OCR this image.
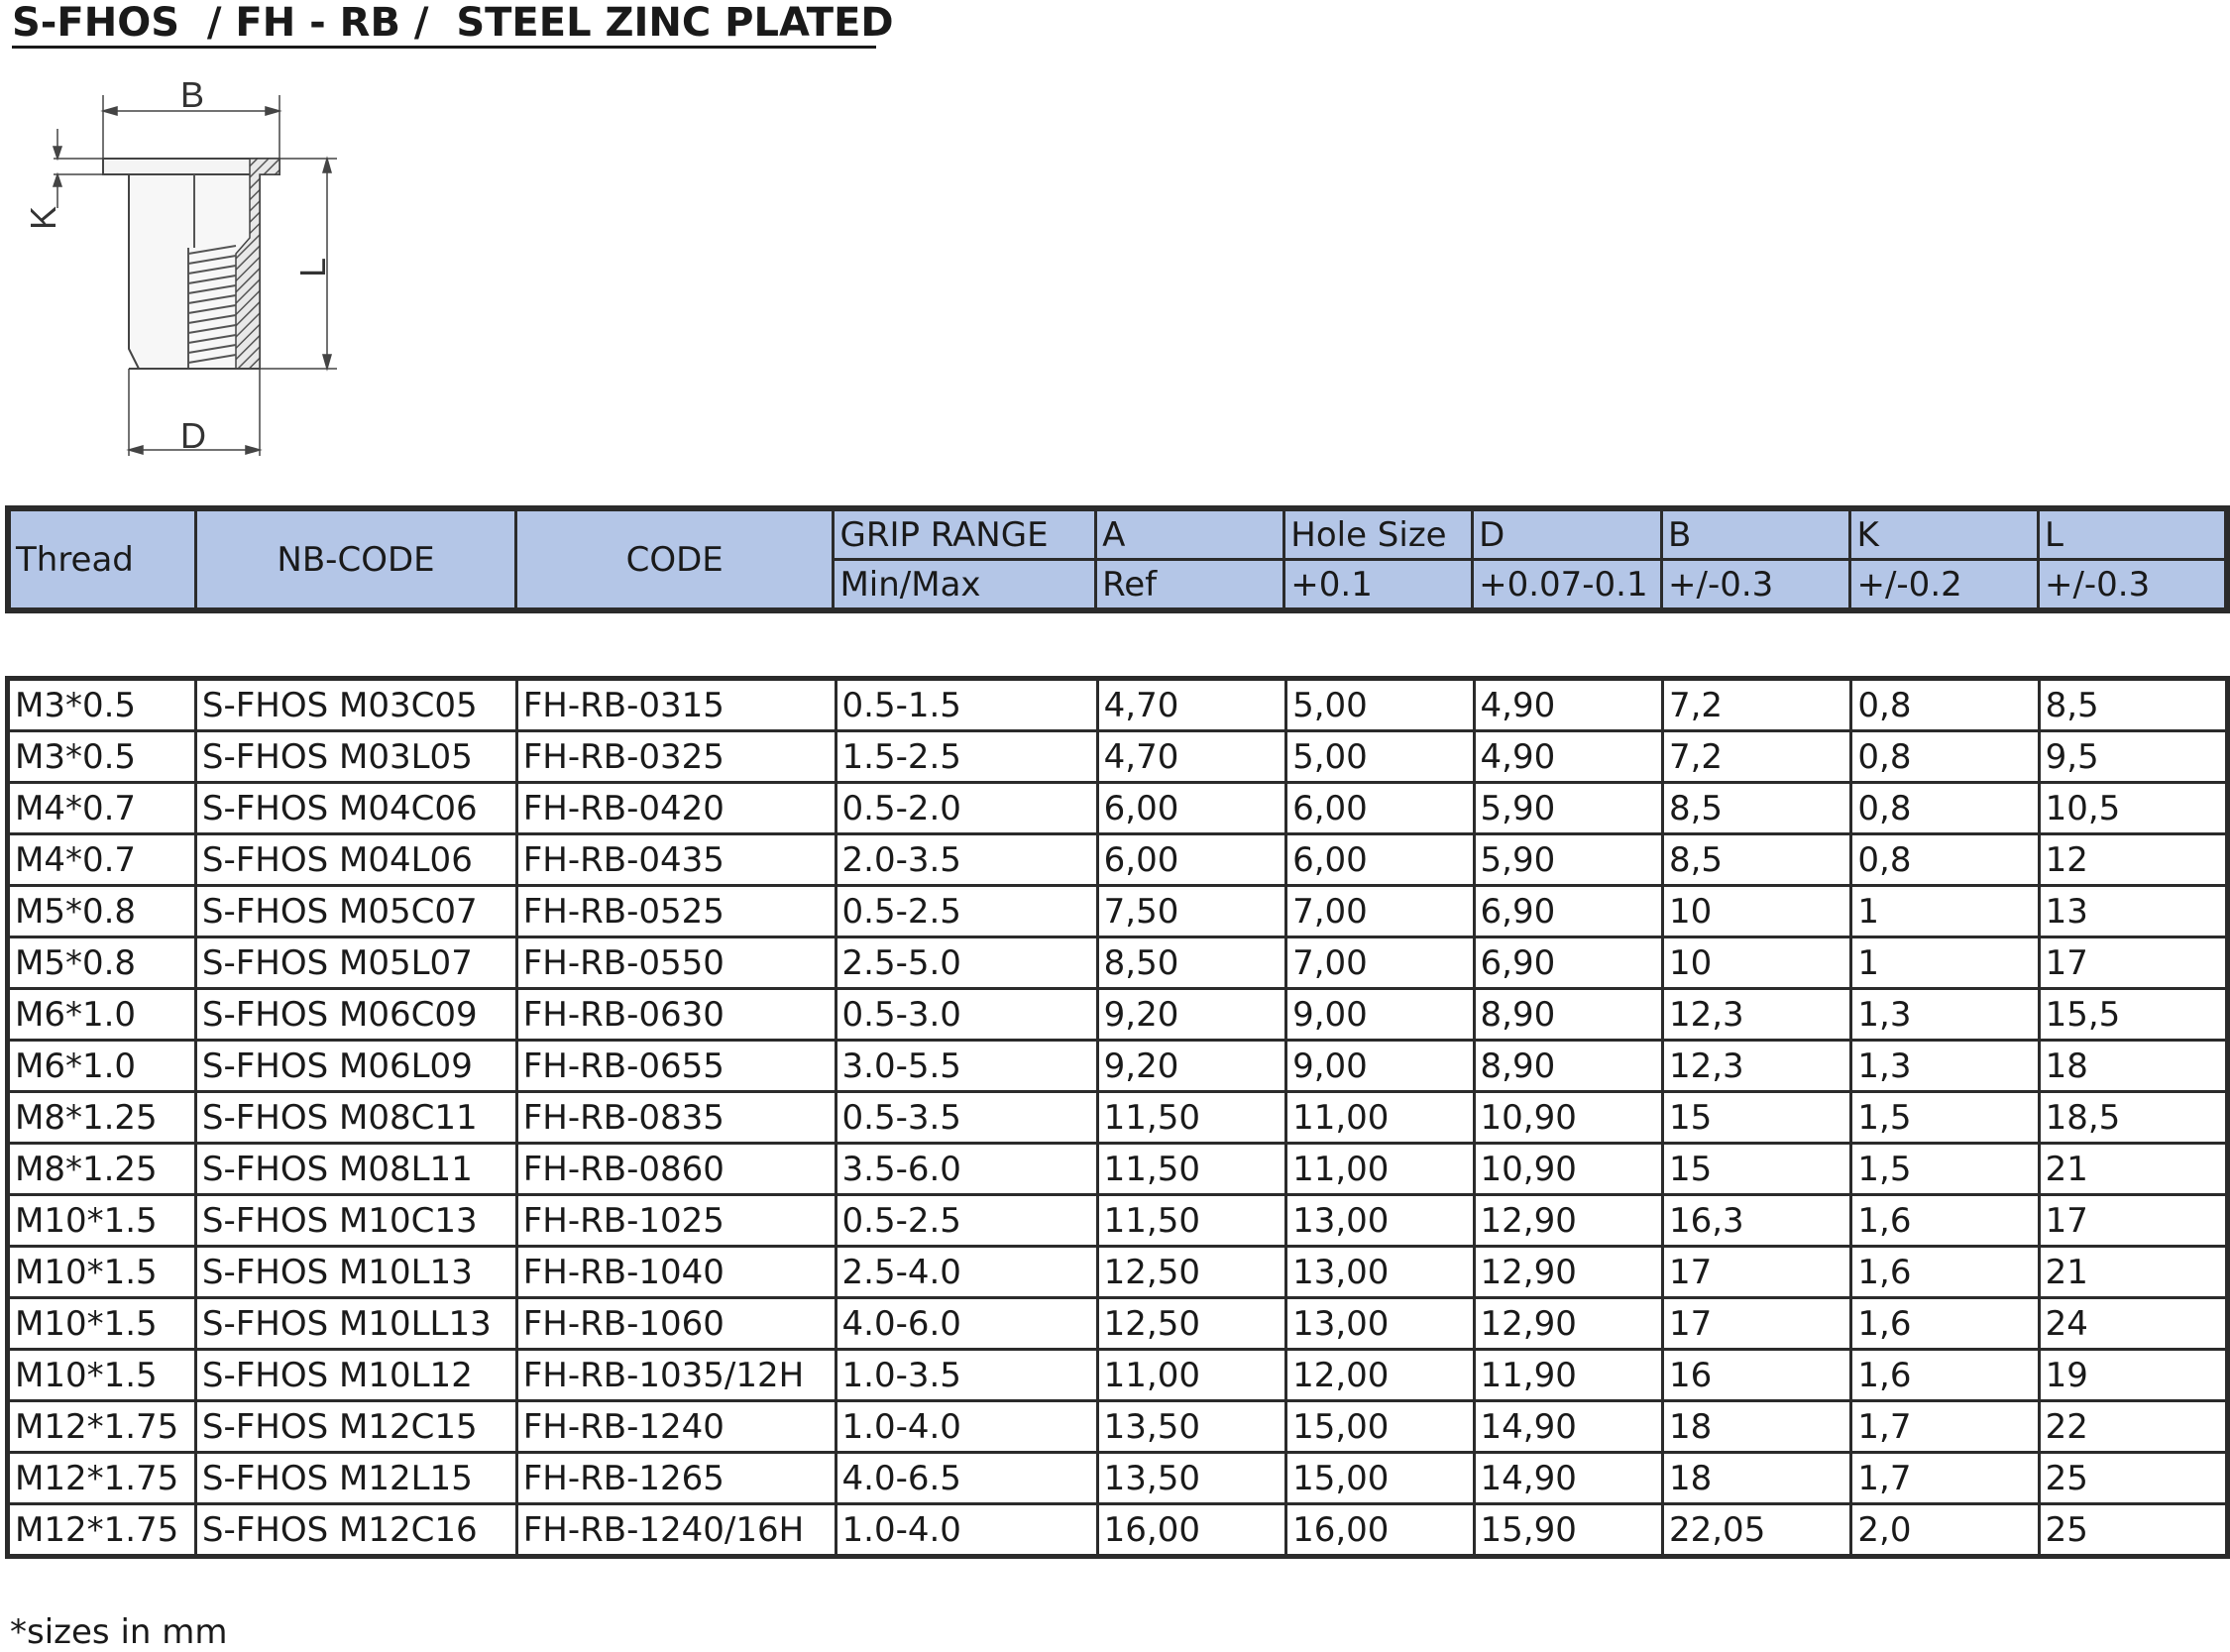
S-FHOS  / FH - RB /  STEEL ZINC PLATED
B
K
L
D
Thread	NB-CODE	CODE	GRIP RANGE	A	Hole Size	D	B	K	L
			Min/Max	Ref	+0.1	+0.07-0.1	+/-0.3	+/-0.2	+/-0.3
M3*0.5	S-FHOS M03C05	FH-RB-0315	0.5-1.5	4,70	5,00	4,90	7,2	0,8	8,5
M3*0.5	S-FHOS M03L05	FH-RB-0325	1.5-2.5	4,70	5,00	4,90	7,2	0,8	9,5
M4*0.7	S-FHOS M04C06	FH-RB-0420	0.5-2.0	6,00	6,00	5,90	8,5	0,8	10,5
M4*0.7	S-FHOS M04L06	FH-RB-0435	2.0-3.5	6,00	6,00	5,90	8,5	0,8	12
M5*0.8	S-FHOS M05C07	FH-RB-0525	0.5-2.5	7,50	7,00	6,90	10	1	13
M5*0.8	S-FHOS M05L07	FH-RB-0550	2.5-5.0	8,50	7,00	6,90	10	1	17
M6*1.0	S-FHOS M06C09	FH-RB-0630	0.5-3.0	9,20	9,00	8,90	12,3	1,3	15,5
M6*1.0	S-FHOS M06L09	FH-RB-0655	3.0-5.5	9,20	9,00	8,90	12,3	1,3	18
M8*1.25	S-FHOS M08C11	FH-RB-0835	0.5-3.5	11,50	11,00	10,90	15	1,5	18,5
M8*1.25	S-FHOS M08L11	FH-RB-0860	3.5-6.0	11,50	11,00	10,90	15	1,5	21
M10*1.5	S-FHOS M10C13	FH-RB-1025	0.5-2.5	11,50	13,00	12,90	16,3	1,6	17
M10*1.5	S-FHOS M10L13	FH-RB-1040	2.5-4.0	12,50	13,00	12,90	17	1,6	21
M10*1.5	S-FHOS M10LL13	FH-RB-1060	4.0-6.0	12,50	13,00	12,90	17	1,6	24
M10*1.5	S-FHOS M10L12	FH-RB-1035/12H	1.0-3.5	11,00	12,00	11,90	16	1,6	19
M12*1.75	S-FHOS M12C15	FH-RB-1240	1.0-4.0	13,50	15,00	14,90	18	1,7	22
M12*1.75	S-FHOS M12L15	FH-RB-1265	4.0-6.5	13,50	15,00	14,90	18	1,7	25
M12*1.75	S-FHOS M12C16	FH-RB-1240/16H	1.0-4.0	16,00	16,00	15,90	22,05	2,0	25
*sizes in mm
